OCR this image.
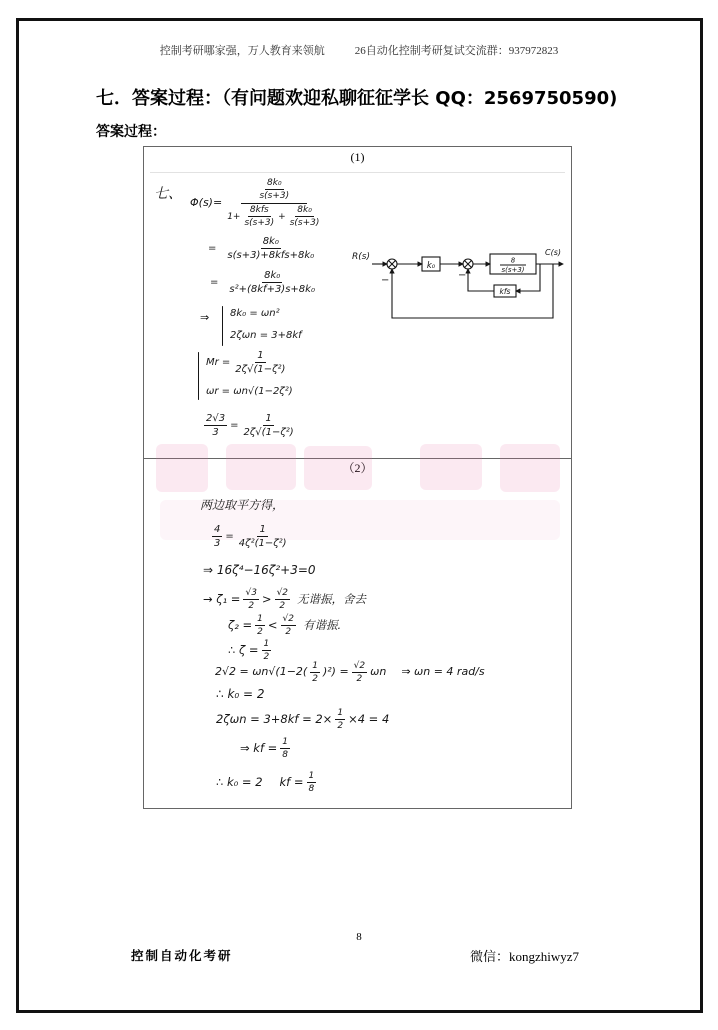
控制考研哪家强，万人教育来领航	26自动化控制考研复试交流群：937972823
七．答案过程：（有问题欢迎私聊征征学长 QQ：2569750590)
答案过程：
(1)
（2）
七、
Φ(s)=
$\frac{\text{8k₀}}{s(s+3)}$
$1+ \frac{\text{8kfs}}{s(s+3)} + \frac{\text{8k₀}}{s(s+3)}$
= $\frac{\text{8k₀}}{\text{s(s+3)+8kfs+8k₀}}$
= $\frac{\text{8k₀}}{\text{s²+(8kf+3)s+8k₀}}$
⇒ 8k₀ = ωn²
2ζωn = 3+8kf
$Mr = \frac{1}{\text{2ζ√(1−ζ²)}}$
ωr = ωn√(1−2ζ²)
$\frac{2√3}{3} = \frac{1}{\text{2ζ√(1−ζ²)}}$
R(s)
−
k₀
−
8
s(s+3)
kfs
C(s)
两边取平方得，
$\frac{4}{3} = \frac{1}{\text{4ζ²(1−ζ²)}}$
⇒ 16ζ⁴−16ζ²+3=0
→ $\zeta_1 = \frac{√3}{2} > \frac{√2}{2}$ 无谐振，舍去
$\zeta_2 = \frac{1}{2} < \frac{√2}{2}$ 有谐振.
∴ $\zeta = \frac{1}{2}$
$2√2 = \omega n√(1-2( \frac{1}{2} )^2) = \frac{√2}{2}$ ωn ⇒ ωn = 4 rad/s
∴ k₀ = 2
$2\zeta\omega n = 3+8kf = 2\times \frac{1}{2} \times 4 = 4$
⇒ kf = $\frac{1}{8}$
∴ k₀ = 2 kf = $\frac{1}{8}$
8
控制自动化考研	微信：kongzhiwyz7
